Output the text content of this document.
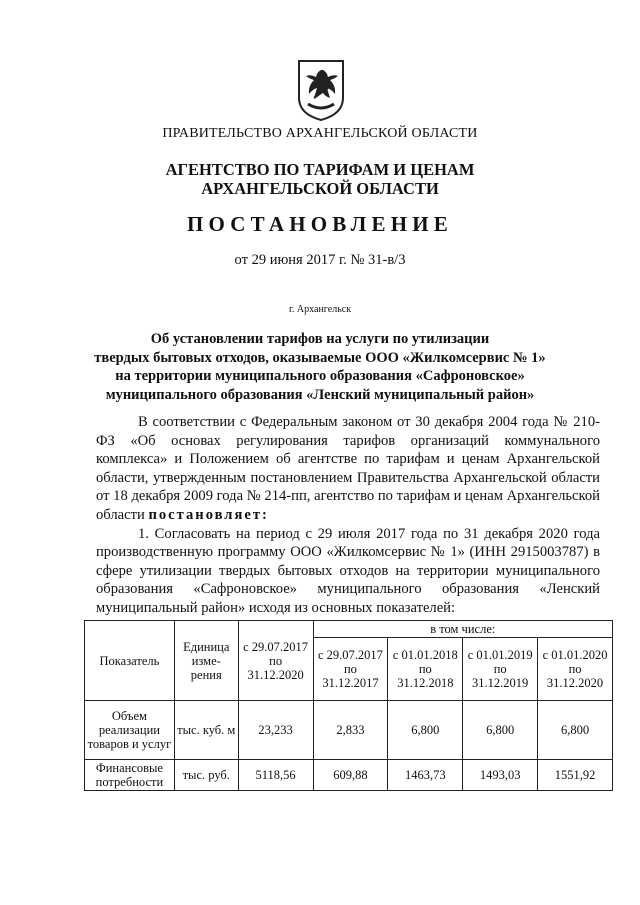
ПРАВИТЕЛЬСТВО АРХАНГЕЛЬСКОЙ ОБЛАСТИ
АГЕНТСТВО ПО ТАРИФАМ И ЦЕНАМ
АРХАНГЕЛЬСКОЙ ОБЛАСТИ
ПОСТАНОВЛЕНИЕ
от 29 июня 2017 г. № 31-в/3
г. Архангельск
Об установлении тарифов на услуги по утилизации
твердых бытовых отходов, оказываемые ООО «Жилкомсервис № 1»
на территории муниципального образования «Сафроновское»
муниципального образования «Ленский муниципальный район»

В соответствии с Федеральным законом от 30 декабря 2004 года № 210-ФЗ «Об основах регулирования тарифов организаций коммунального комплекса» и Положением об агентстве по тарифам и ценам Архангельской области, утвержденным постановлением Правительства Архангельской области от 18 декабря 2009 года № 214-пп, агентство по тарифам и ценам Архангельской области постановляет:

1. Согласовать на период с 29 июля 2017 года по 31 декабря 2020 года производственную программу ООО «Жилкомсервис № 1» (ИНН 2915003787) в сфере утилизации твердых бытовых отходов на территории муниципального образования «Сафроновское» муниципального образования «Ленский муниципальный район» исходя из основных показателей:

Показатель	Единица изме- рения	с 29.07.2017 по 31.12.2020	в том числе:			
			с 29.07.2017 по 31.12.2017	с 01.01.2018 по 31.12.2018	с 01.01.2019 по 31.12.2019	с 01.01.2020 по 31.12.2020
Объем реализации товаров и услуг	тыс. куб. м	23,233	2,833	6,800	6,800	6,800
Финансовые потребности	тыс. руб.	5118,56	609,88	1463,73	1493,03	1551,92
